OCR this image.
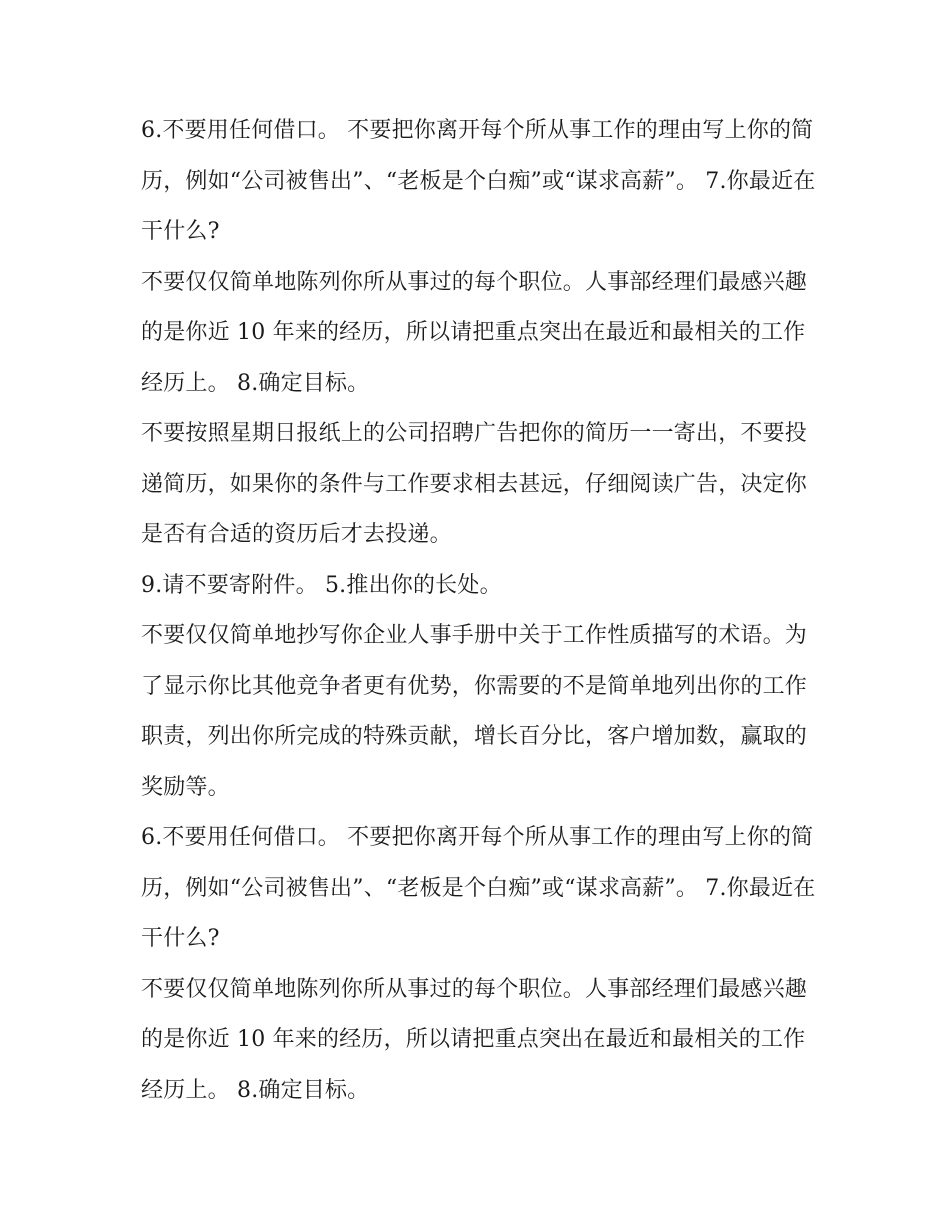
6.不要用任何借口。 不要把你离开每个所从事工作的理由写上你的简历，例如“公司被售出”、“老板是个白痴”或“谋求高薪”。 7.你最近在干什么?

不要仅仅简单地陈列你所从事过的每个职位。人事部经理们最感兴趣的是你近 10 年来的经历，所以请把重点突出在最近和最相关的工作经历上。 8.确定目标。

不要按照星期日报纸上的公司招聘广告把你的简历一一寄出，不要投递简历，如果你的条件与工作要求相去甚远，仔细阅读广告，决定你是否有合适的资历后才去投递。

9.请不要寄附件。 5.推出你的长处。

不要仅仅简单地抄写你企业人事手册中关于工作性质描写的术语。为了显示你比其他竞争者更有优势，你需要的不是简单地列出你的工作职责，列出你所完成的特殊贡献，增长百分比，客户增加数，赢取的奖励等。

6.不要用任何借口。 不要把你离开每个所从事工作的理由写上你的简历，例如“公司被售出”、“老板是个白痴”或“谋求高薪”。 7.你最近在干什么?

不要仅仅简单地陈列你所从事过的每个职位。人事部经理们最感兴趣的是你近 10 年来的经历，所以请把重点突出在最近和最相关的工作经历上。 8.确定目标。
